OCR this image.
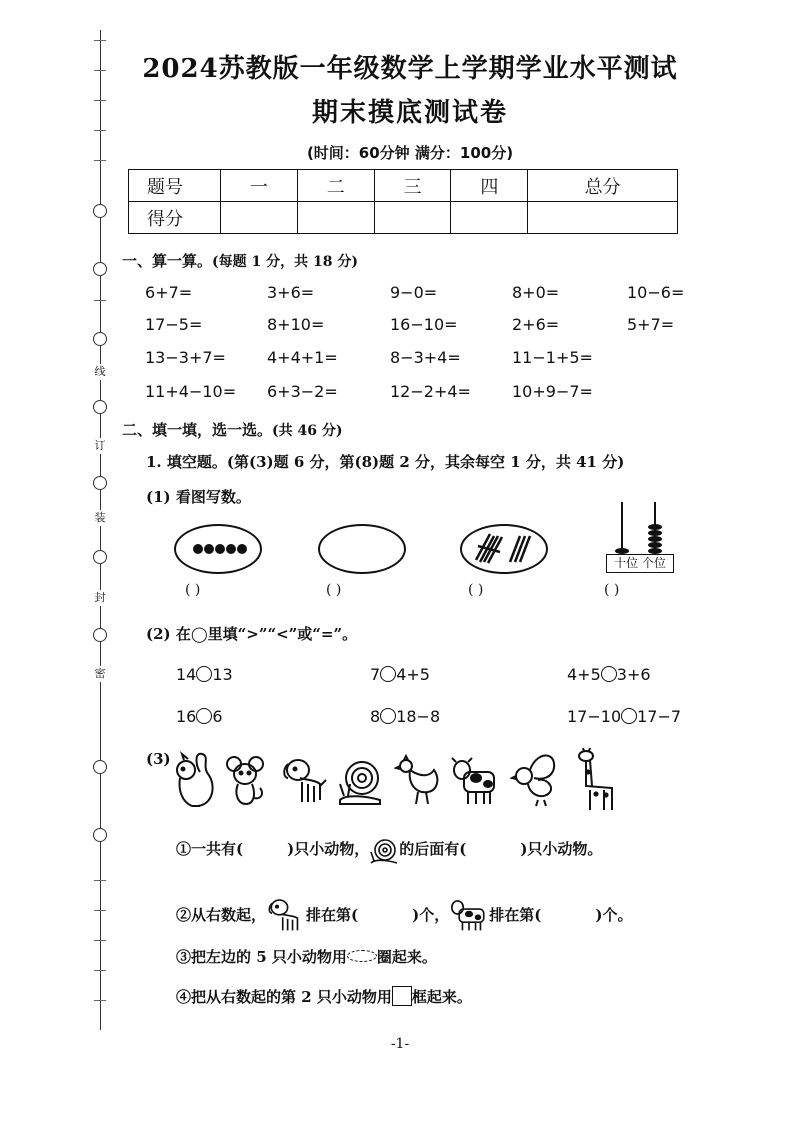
线
订
装
封
密
2024苏教版一年级数学上学期学业水平测试
期末摸底测试卷
(时间：60分钟 满分：100分)
题号	一	二	三	四	总分
得分					
一、算一算。(每题 1 分，共 18 分)
6+7=	3+6=	9−0=	8+0=	10−6=
17−5=	8+10=	16−10=	2+6=	5+7=
13−3+7=	4+4+1=	8−3+4=	11−1+5=
11+4−10= 6+3−2=	12−2+4=	10+9−7=
二、填一填，选一选。(共 46 分)
1. 填空题。(第(3)题 6 分，第(8)题 2 分，其余每空 1 分，共 41 分)
(1) 看图写数。
十位 个位
( )	( )	( )	( )
(2) 在◯里填“>”“<”或“=”。
14 13	7 4+5	4+5 3+6
16 6	8 18−8	17−10 17−7
(3)
①一共有(	)只小动物， 的后面有(	)只小动物。
②从右数起，	排在第(	)个，	排在第(	)个。
③把左边的 5 只小动物用 圈起来。
④把从右数起的第 2 只小动物用 框起来。
-1-
